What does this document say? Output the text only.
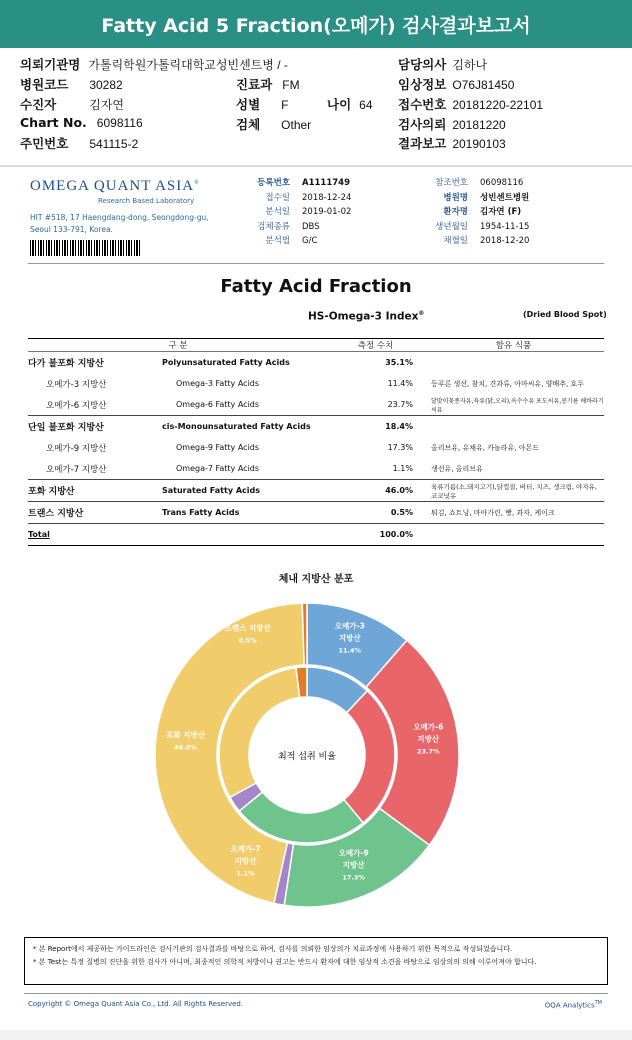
Fatty Acid 5 Fraction(오메가) 검사결과보고서
의뢰기관명 가톨릭학원가톨릭대학교성빈센트병 / -
병원코드 30282
수진자	김자연
Chart No. 6098116
주민번호 541115-2
진료과 FM
성별 F	나이 64
검체 Other
담당의사 김하나
임상정보 O76J81450
접수번호 20181220-22101
검사의뢰 20181220
결과보고 20190103
OMEGA QUANT ASIA®
Research Based Laboratory
HIT #518, 17 Haengdang-dong, Seongdong-gu, Seoul 133-791, Korea.
등록번호 A1111749
접수일 2018-12-24
분석일 2019-01-02
검체종류 DBS
분석법 G/C
참조번호 06098116
병원명 성빈센트병원
환자명 김자연 (F)
생년월일 1954-11-15
채혈일 2018-12-20
Fatty Acid Fraction
HS-Omega-3 Index®	(Dried Blood Spot)
구 분		측정 수치	함유 식품
다가 불포화 지방산	Polyunsaturated Fatty Acids	35.1%	
오메가-3 지방산	Omega-3 Fatty Acids	11.4%	등푸른 생선, 참치, 견과류, 아마씨유, 양배추, 호두
오메가-6 지방산	Omega-6 Fatty Acids	23.7%	달맞이꽃종자유,육류(닭,오리),옥수수유 포도씨유,콩기름 해바라기씨유
단일 불포화 지방산	cis-Monounsaturated Fatty Acids	18.4%	
오메가-9 지방산	Omega-9 Fatty Acids	17.3%	올리브유, 유채유, 카놀라유, 아몬드
오메가-7 지방산	Omega-7 Fatty Acids	1.1%	생선유, 올리브유
포화 지방산	Saturated Fatty Acids	46.0%	육류기름(소,돼지고기),닭껍질, 버터, 치즈, 생크림, 야자유, 코코넛유
트랜스 지방산	Trans Fatty Acids	0.5%	튀김, 쇼트닝, 마아가린, 빵, 과자, 케이크
Total		100.0%	
체내 지방산 분포
오메가-3 지방산 11.4%
오메가-6 지방산 23.7%
오메가-9 지방산 17.3%
오메가-7 지방산 1.1%
포화 지방산 46.0%
트랜스 지방산 0.5%
최적 섭취 비율
* 본 Report에서 제공하는 가이드라인은 검사기관의 검사결과를 바탕으로 하여, 검사를 의뢰한 임상의가 치료과정에 사용하기 위한 목적으로 작성되었습니다.
* 본 Test는 특정 질병의 진단을 위한 검사가 아니며, 최종적인 의학적 처방이나 권고는 반드시 환자에 대한 임상적 소견을 바탕으로 임상의의 의해 이루어져야 합니다.
Copyright © Omega Quant Asia Co., Ltd. All Rights Reserved.	OQA Analytics™
